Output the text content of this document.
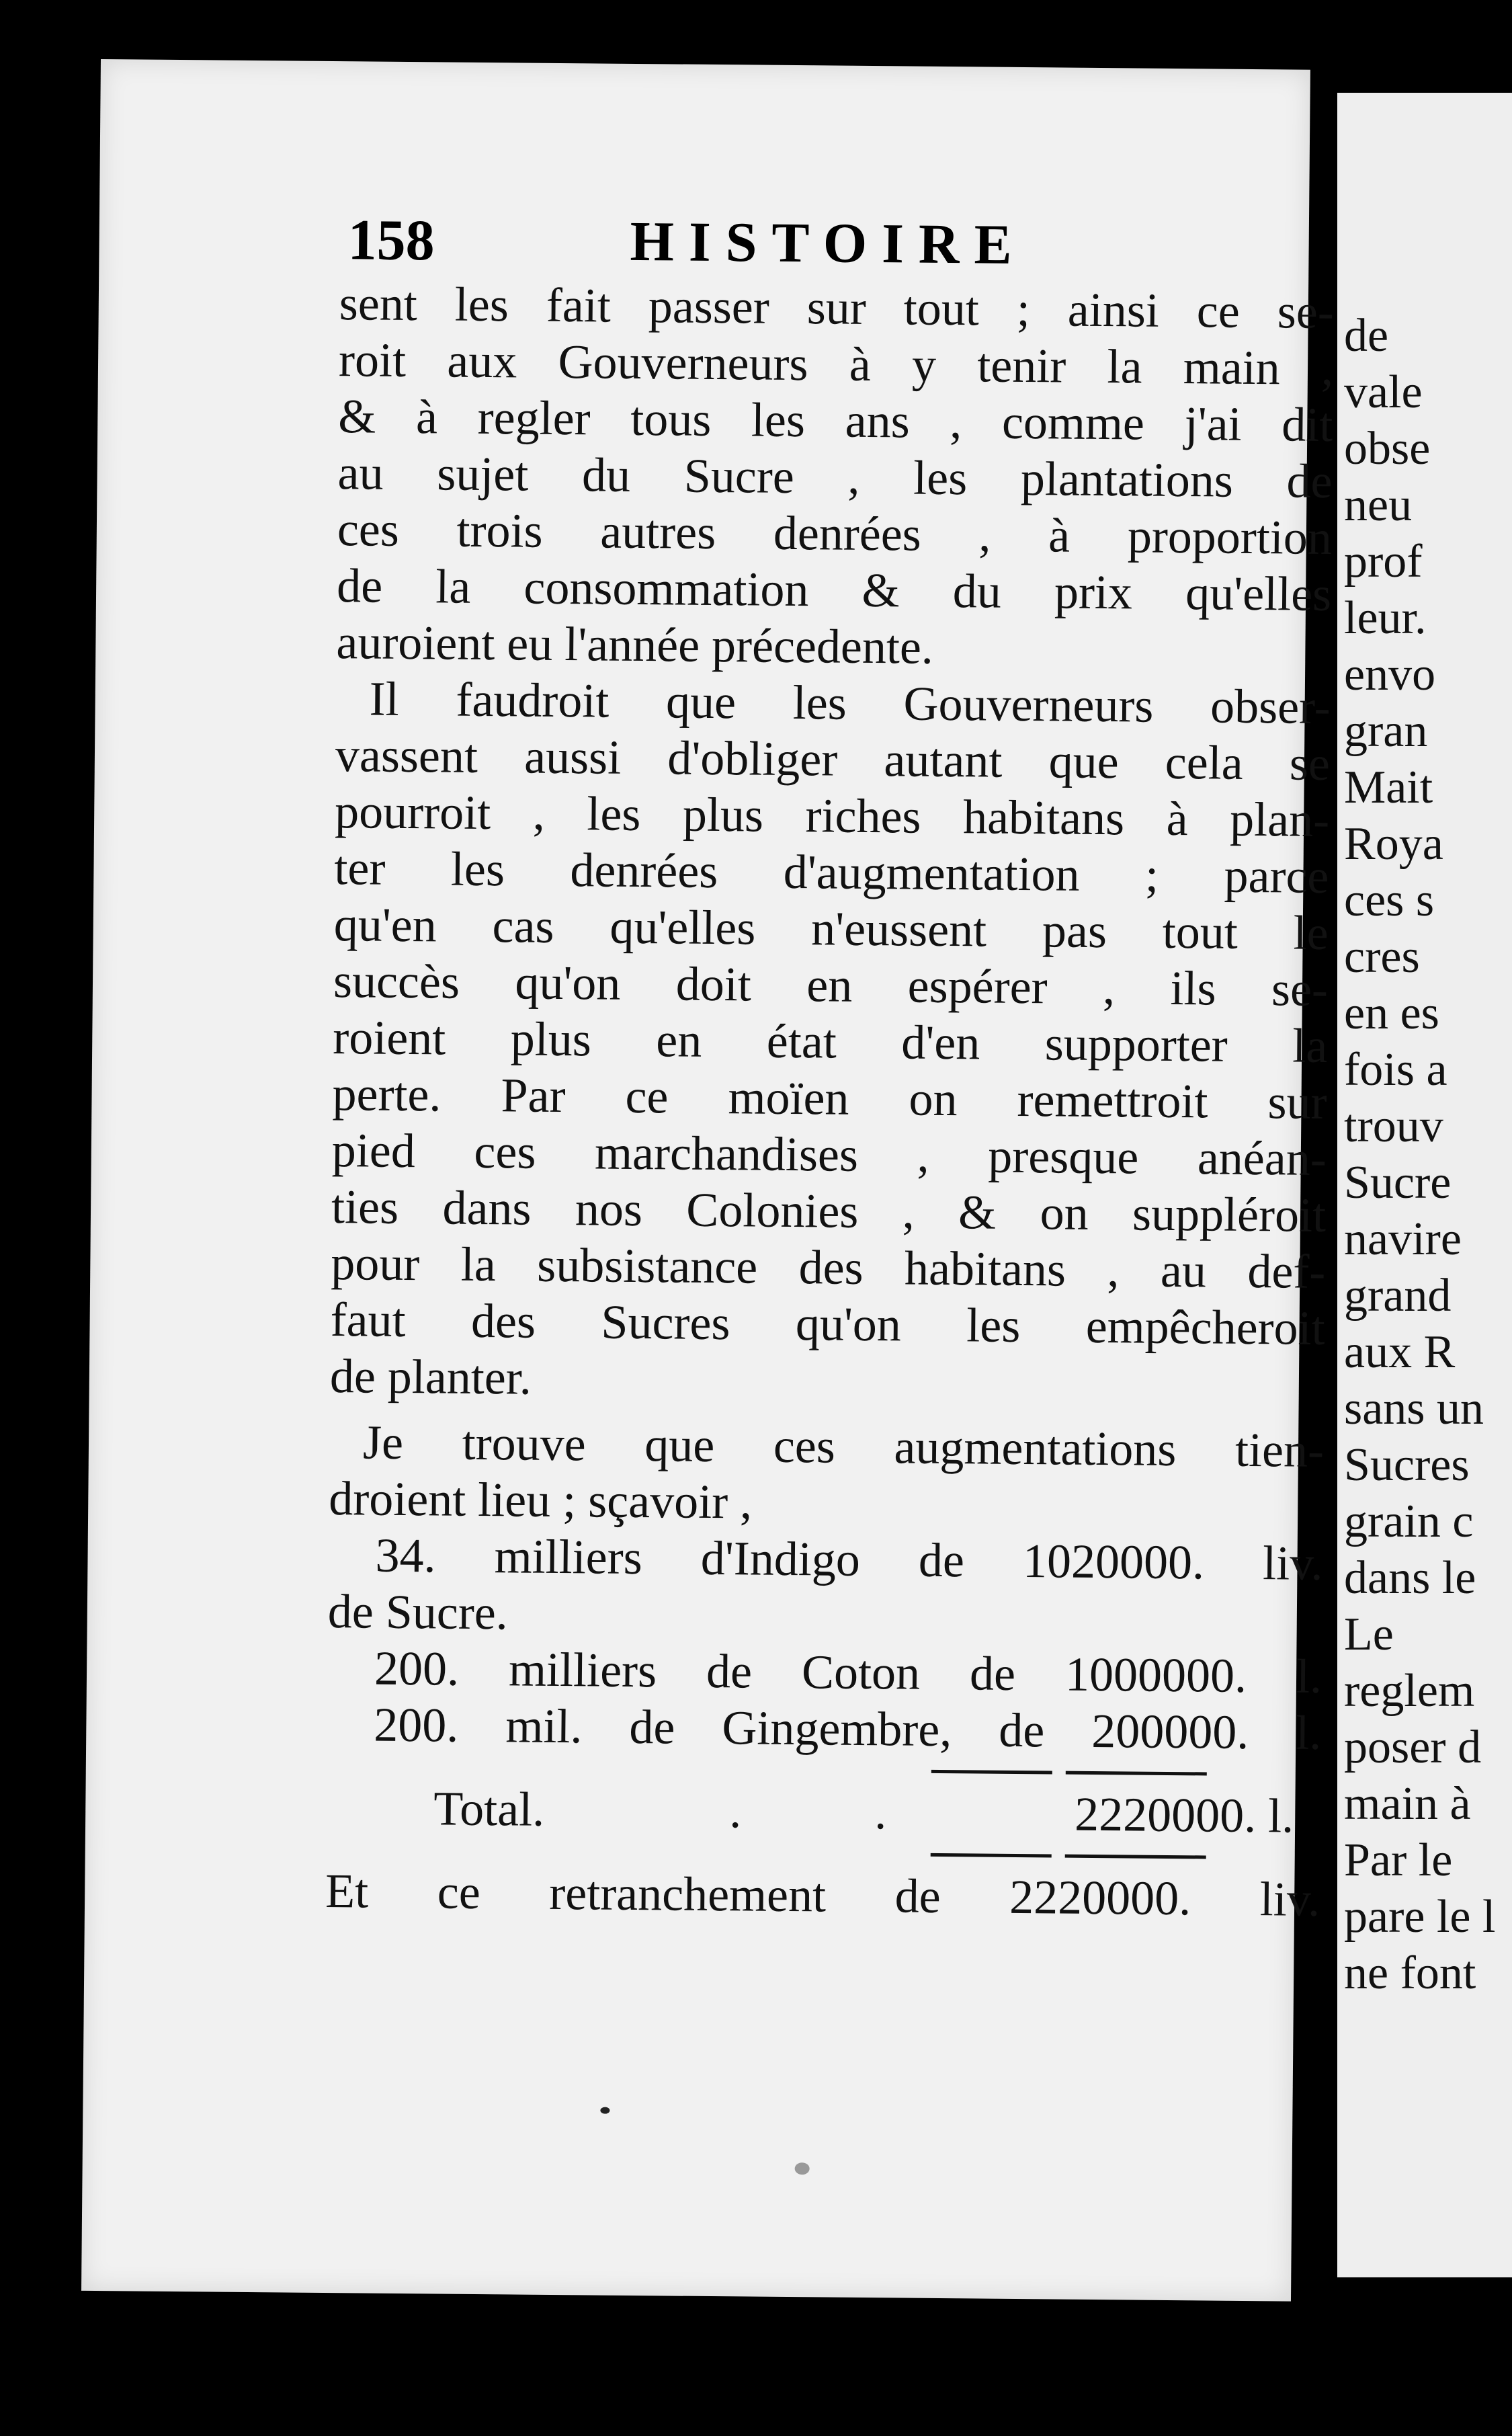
158	HISTOIRE
sent les fait passer sur tout ; ainsi ce se-
roit aux Gouverneurs à y tenir la main ,
& à regler tous les ans , comme j'ai dit
au sujet du Sucre , les plantations de
ces trois autres denrées , à proportion
de la consommation & du prix qu'elles
auroient eu l'année précedente.
Il faudroit que les Gouverneurs obser-
vassent aussi d'obliger autant que cela se
pourroit , les plus riches habitans à plan-
ter les denrées d'augmentation ; parce
qu'en cas qu'elles n'eussent pas tout le
succès qu'on doit en espérer , ils se-
roient plus en état d'en supporter la
perte. Par ce moïen on remettroit sur
pied ces marchandises , presque anéan-
ties dans nos Colonies , & on suppléroit
pour la subsistance des habitans , au def-
faut des Sucres qu'on les empêcheroit
de planter.
Je trouve que ces augmentations tien-
droient lieu ; sçavoir ,
34. milliers d'Indigo de 1020000. liv.
de Sucre.
200. milliers de Coton de 1000000. l.
200. mil. de Gingembre, de 200000. l.
Total.	. .	2220000. l.
Et ce retranchement de 2220000. liv.
de
vale
obse
neu
prof
leur.
envo
gran
Mait
Roya
ces s
cres
en es
fois a
trouv
Sucre
navire
grand
aux R
sans un
Sucres
grain c
dans le
Le
reglem
poser d
main à
Par le
pare le l
ne font
